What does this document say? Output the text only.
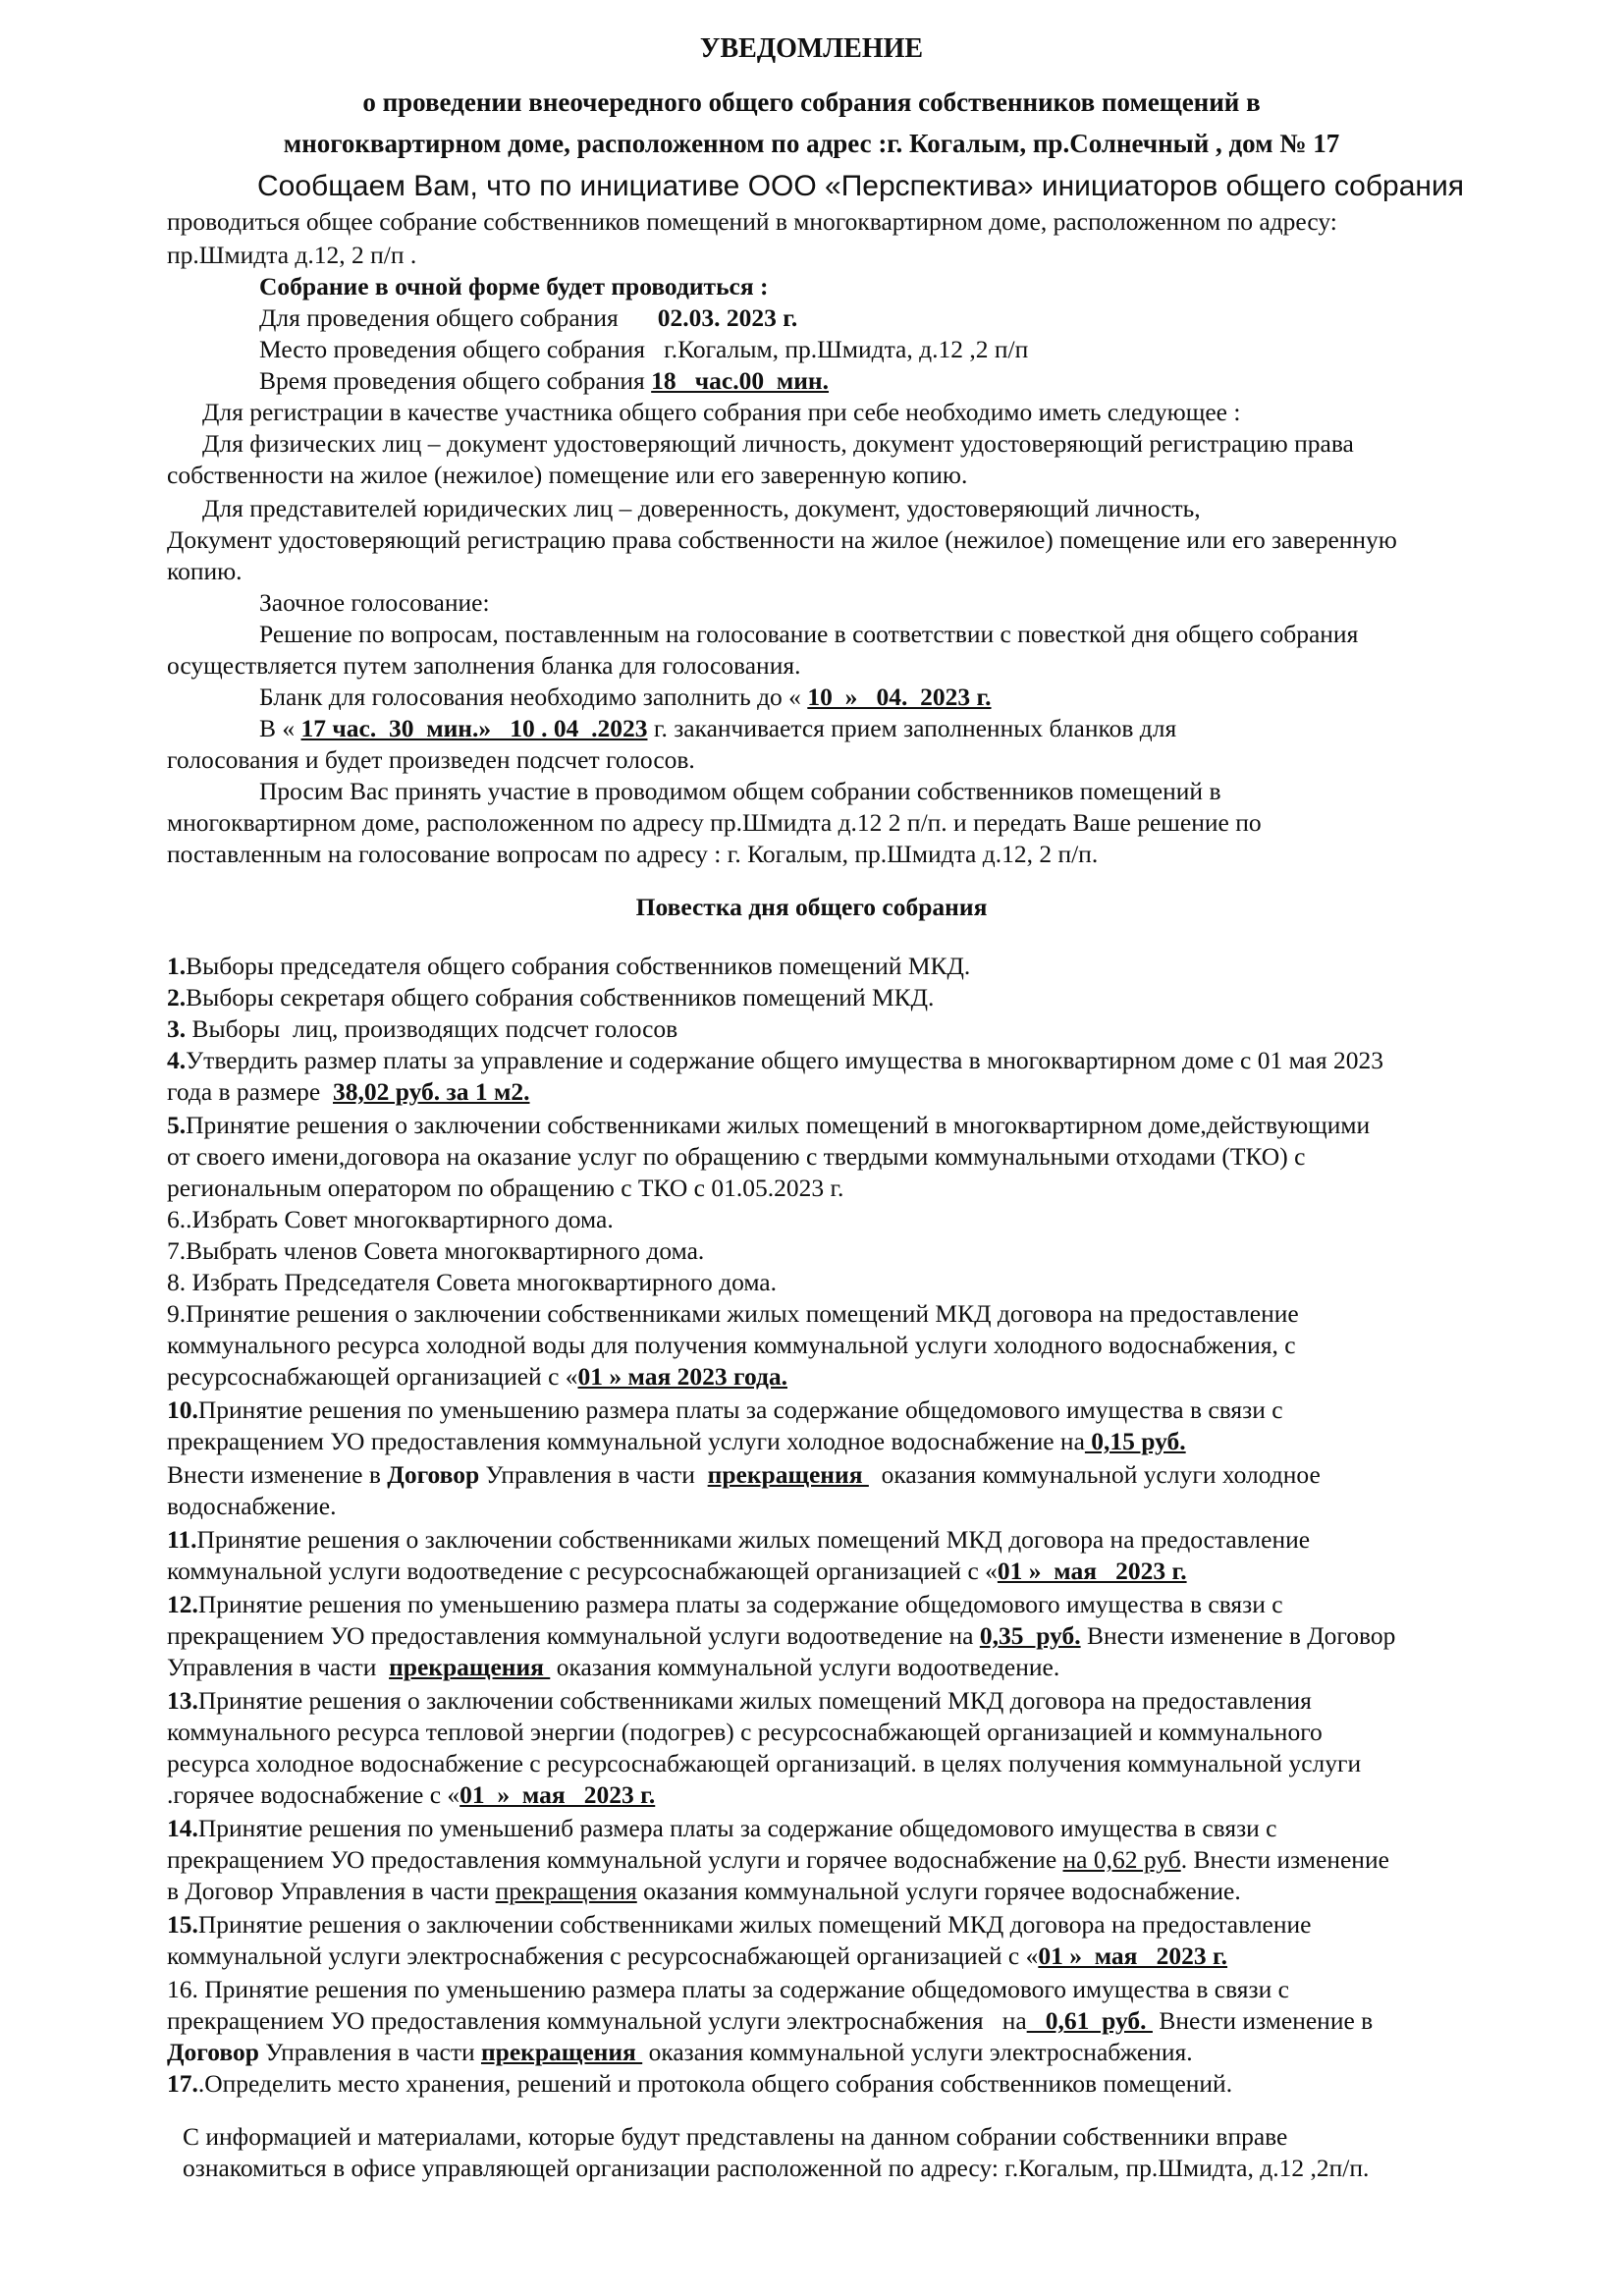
УВЕДОМЛЕНИЕ
о проведении внеочередного общего собрания собственников помещений в
многоквартирном доме, расположенном по адрес :г. Когалым, пр.Солнечный , дом № 17
Сообщаем Вам, что по инициативе ООО «Перспектива» инициаторов общего собрания
проводиться общее собрание собственников помещений в многоквартирном доме, расположенном по адресу:
пр.Шмидта д.12, 2 п/п .
Собрание в очной форме будет проводиться :
Для проведения общего собрания 02.03. 2023 г.
Место проведения общего собрания г.Когалым, пр.Шмидта, д.12 ,2 п/п
Время проведения общего собрания 18   час.00  мин.
Для регистрации в качестве участника общего собрания при себе необходимо иметь следующее :
Для физических лиц – документ удостоверяющий личность, документ удостоверяющий регистрацию права
собственности на жилое (нежилое) помещение или его заверенную копию.
Для представителей юридических лиц – доверенность, документ, удостоверяющий личность,
Документ удостоверяющий регистрацию права собственности на жилое (нежилое) помещение или его заверенную
копию.
Заочное голосование:
Решение по вопросам, поставленным на голосование в соответствии с повесткой дня общего собрания
осуществляется путем заполнения бланка для голосования.
Бланк для голосования необходимо заполнить до « 10  »   04.  2023 г.
В « 17 час.  30  мин.»   10 . 04  .2023 г. заканчивается прием заполненных бланков для
голосования и будет произведен подсчет голосов.
Просим Вас принять участие в проводимом общем собрании собственников помещений в
многоквартирном доме, расположенном по адресу пр.Шмидта д.12 2 п/п. и передать Ваше решение по
поставленным на голосование вопросам по адресу : г. Когалым, пр.Шмидта д.12, 2 п/п.
Повестка дня общего собрания
1.Выборы председателя общего собрания собственников помещений МКД.
2.Выборы секретаря общего собрания собственников помещений МКД.
3. Выборы  лиц, производящих подсчет голосов
4.Утвердить размер платы за управление и содержание общего имущества в многоквартирном доме с 01 мая 2023
года в размере  38,02 руб. за 1 м2.
5.Принятие решения о заключении собственниками жилых помещений в многоквартирном доме,действующими
от своего имени,договора на оказание услуг по обращению с твердыми коммунальными отходами (ТКО) с
региональным оператором по обращению с ТКО с 01.05.2023 г.
6..Избрать Совет многоквартирного дома.
7.Выбрать членов Совета многоквартирного дома.
8. Избрать Председателя Совета многоквартирного дома.
9.Принятие решения о заключении собственниками жилых помещений МКД договора на предоставление
коммунального ресурса холодной воды для получения коммунальной услуги холодного водоснабжения, с
ресурсоснабжающей организацией с «01 » мая 2023 года.
10.Принятие решения по уменьшению размера платы за содержание общедомового имущества в связи с
прекращением УО предоставления коммунальной услуги холодное водоснабжение на 0,15 руб.
Внести изменение в Договор Управления в части  прекращения   оказания коммунальной услуги холодное
водоснабжение.
11.Принятие решения о заключении собственниками жилых помещений МКД договора на предоставление
коммунальной услуги водоотведение с ресурсоснабжающей организацией с «01 »  мая   2023 г.
12.Принятие решения по уменьшению размера платы за содержание общедомового имущества в связи с
прекращением УО предоставления коммунальной услуги водоотведение на 0,35  руб. Внести изменение в Договор
Управления в части  прекращения  оказания коммунальной услуги водоотведение.
13.Принятие решения о заключении собственниками жилых помещений МКД договора на предоставления
коммунального ресурса тепловой энергии (подогрев) с ресурсоснабжающей организацией и коммунального
ресурса холодное водоснабжение с ресурсоснабжающей организаций. в целях получения коммунальной услуги
.горячее водоснабжение с «01  »  мая   2023 г.
14.Принятие решения по уменьшениб размера платы за содержание общедомового имущества в связи с
прекращением УО предоставления коммунальной услуги и горячее водоснабжение на 0,62 руб. Внести изменение
в Договор Управления в части прекращения оказания коммунальной услуги горячее водоснабжение.
15.Принятие решения о заключении собственниками жилых помещений МКД договора на предоставление
коммунальной услуги электроснабжения с ресурсоснабжающей организацией с «01 »  мая   2023 г.
16. Принятие решения по уменьшению размера платы за содержание общедомового имущества в связи с
прекращением УО предоставления коммунальной услуги электроснабжения   на   0,61  руб.  Внести изменение в
Договор Управления в части прекращения  оказания коммунальной услуги электроснабжения.
17..Определить место хранения, решений и протокола общего собрания собственников помещений.
С информацией и материалами, которые будут представлены на данном собрании собственники вправе
ознакомиться в офисе управляющей организации расположенной по адресу: г.Когалым, пр.Шмидта, д.12 ,2п/п.
